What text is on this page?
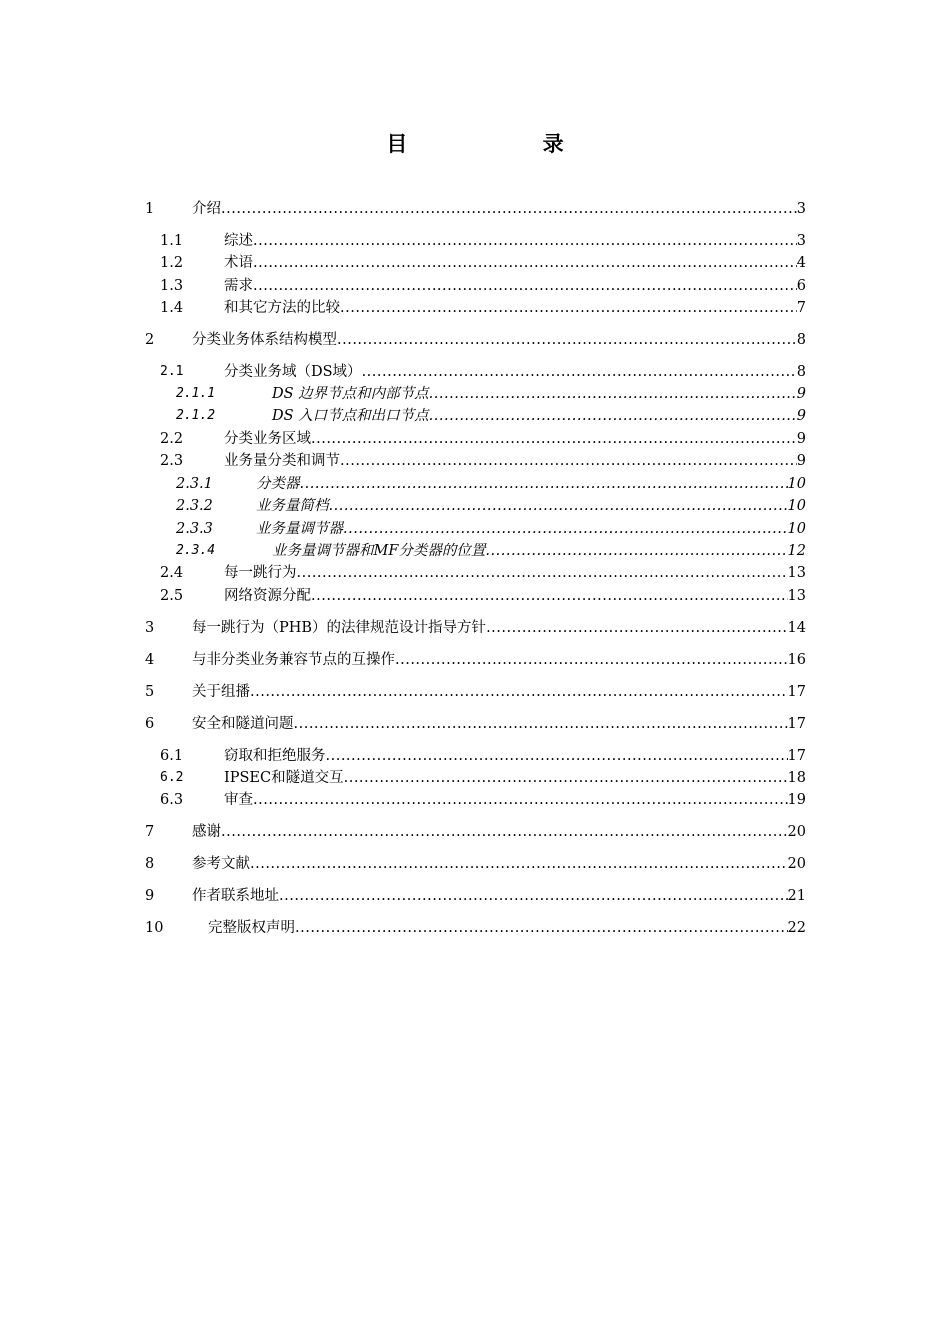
目 录
1	介绍 .....	3
1.1	综述 .....	3
1.2	术语 .....	4
1.3	需求 .....	6
1.4	和其它方法的比较 .....	7
2	分类业务体系结构模型 .....	8
2.1	分类业务域（DS域） .....	8
2.1.1	DS 边界节点和内部节点 .....	9
2.1.2	DS 入口节点和出口节点 .....	9
2.2	分类业务区域 .....	9
2.3	业务量分类和调节 .....	9
2.3.1	分类器 .....	10
2.3.2	业务量简档 .....	10
2.3.3	业务量调节器 .....	10
2.3.4	业务量调节器和MF分类器的位置 .....	12
2.4	每一跳行为 .....	13
2.5	网络资源分配 .....	13
3	每一跳行为（PHB）的法律规范设计指导方针 .....	14
4	与非分类业务兼容节点的互操作 .....	16
5	关于组播 .....	17
6	安全和隧道问题 .....	17
6.1	窃取和拒绝服务 .....	17
6.2	IPSEC和隧道交互 .....	18
6.3	审查 .....	19
7	感谢 .....	20
8	参考文献 .....	20
9	作者联系地址 .....	21
10	完整版权声明 .....	22
